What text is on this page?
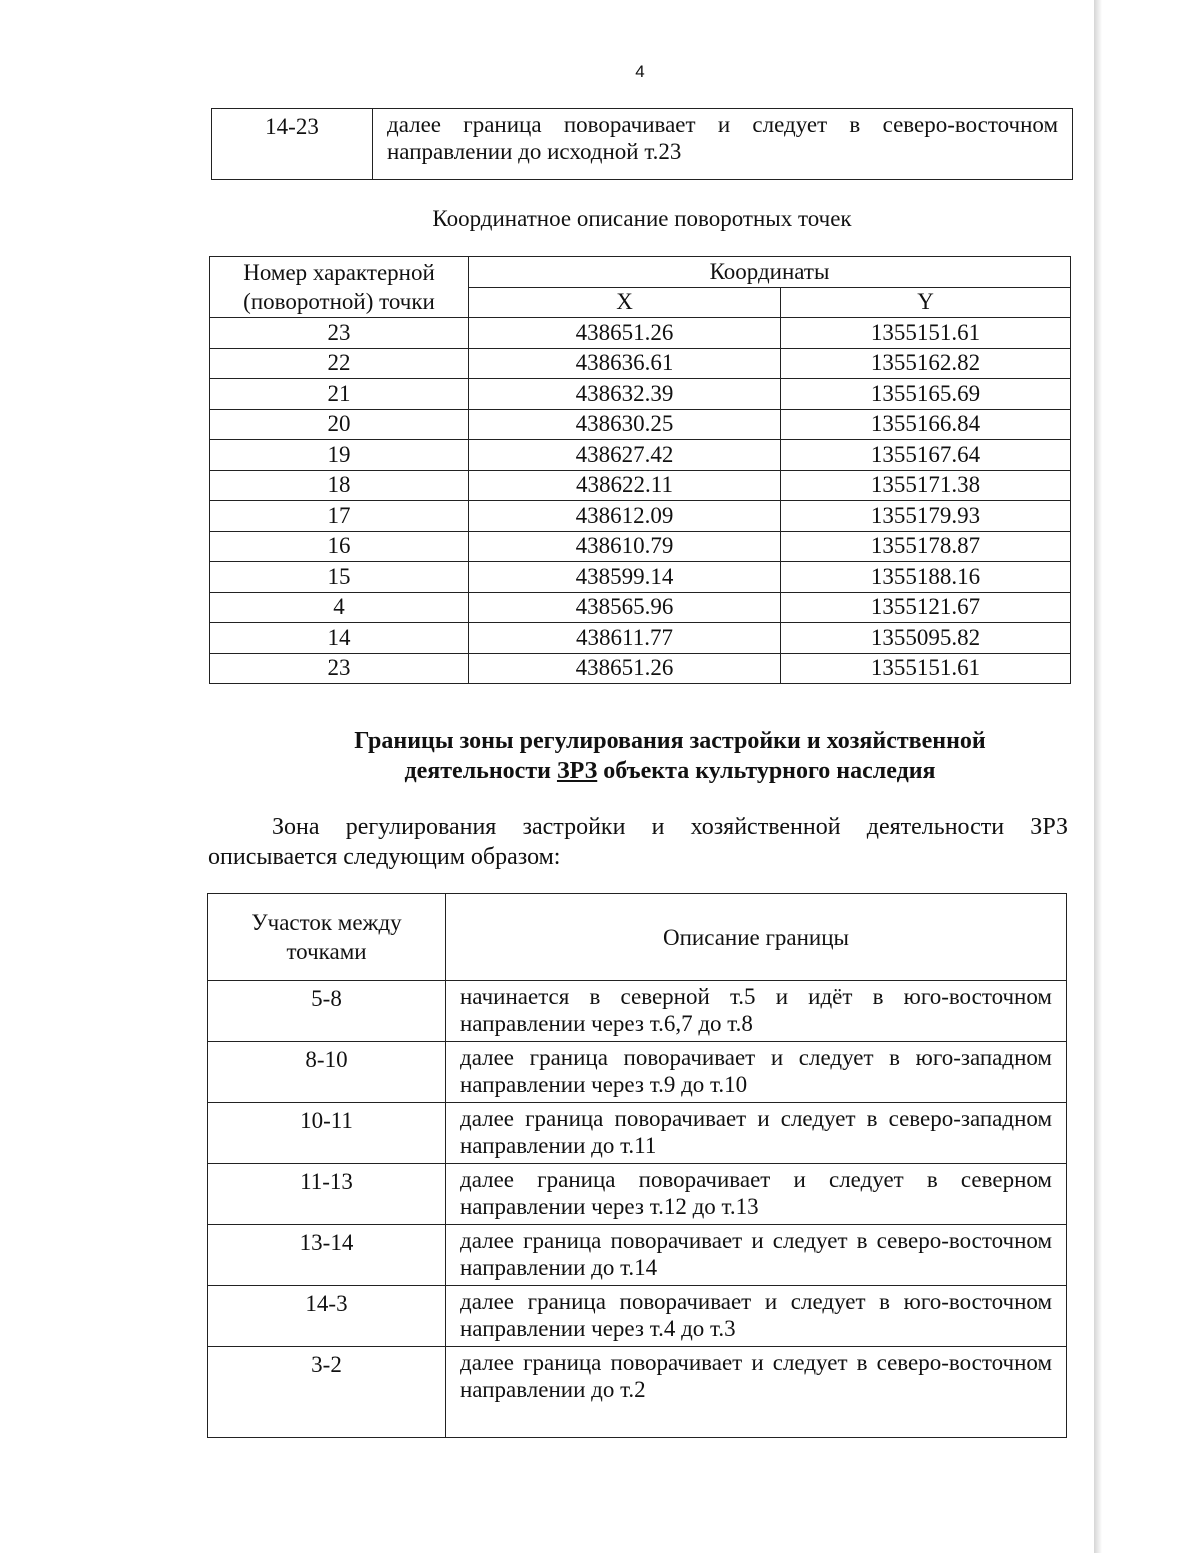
4
14-23	далее граница поворачивает и следует в северо-восточном направлении до исходной т.23
Координатное описание поворотных точек
Номер характерной (поворотной) точки	Координаты	
	X	Y
23	438651.26	1355151.61
22	438636.61	1355162.82
21	438632.39	1355165.69
20	438630.25	1355166.84
19	438627.42	1355167.64
18	438622.11	1355171.38
17	438612.09	1355179.93
16	438610.79	1355178.87
15	438599.14	1355188.16
4	438565.96	1355121.67
14	438611.77	1355095.82
23	438651.26	1355151.61
Границы зоны регулирования застройки и хозяйственной
деятельности ЗРЗ объекта культурного наследия
Зона регулирования застройки и хозяйственной деятельности ЗРЗ описывается следующим образом:
Участок между точками	Описание границы
5-8	начинается в северной т.5 и идёт в юго-восточном направлении через т.6,7 до т.8
8-10	далее граница поворачивает и следует в юго-западном направлении через т.9 до т.10
10-11	далее граница поворачивает и следует в северо-западном направлении до т.11
11-13	далее граница поворачивает и следует в северном направлении через т.12 до т.13
13-14	далее граница поворачивает и следует в северо-восточном направлении до т.14
14-3	далее граница поворачивает и следует в юго-восточном направлении через т.4 до т.3
3-2	далее граница поворачивает и следует в северо-восточном направлении до т.2
